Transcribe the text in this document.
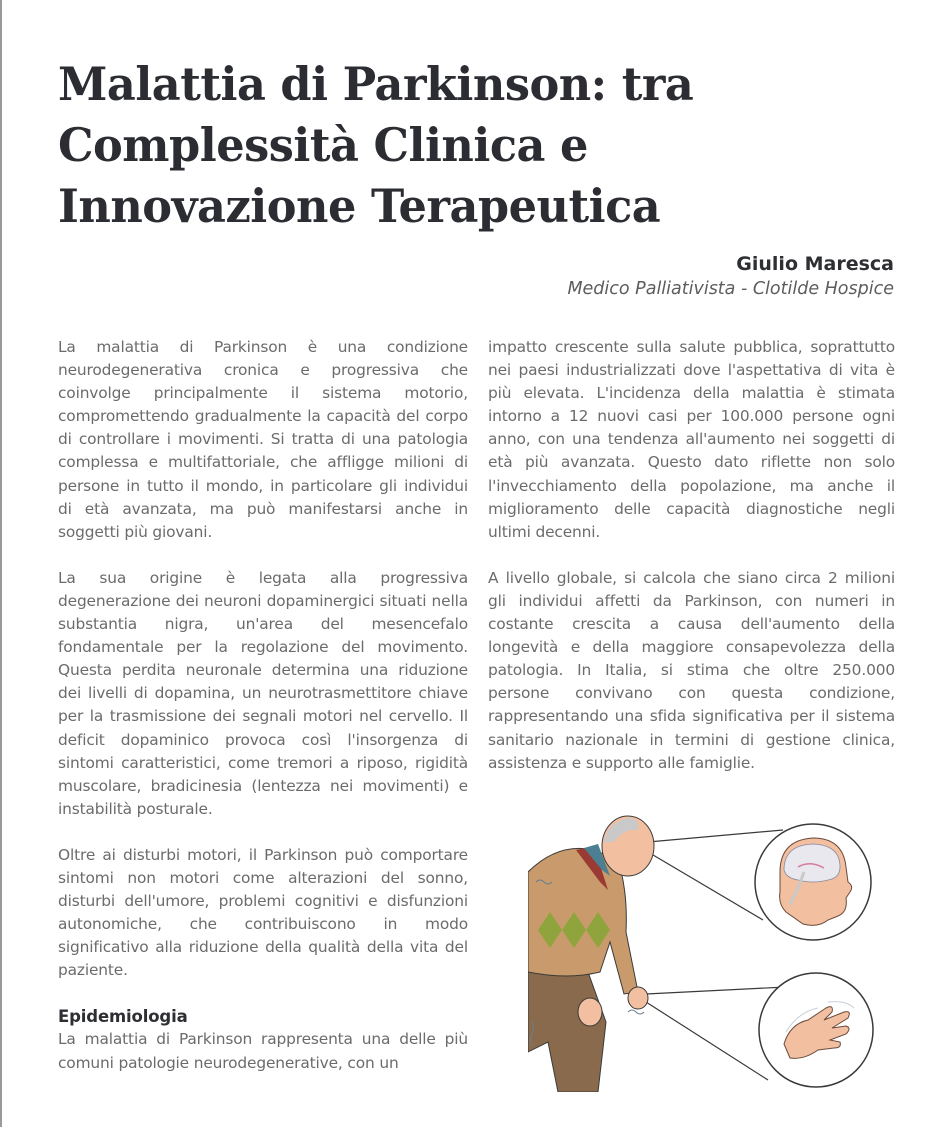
Malattia di Parkinson: tra Complessità Clinica e Innovazione Terapeutica
Giulio Maresca
Medico Palliativista - Clotilde Hospice

La malattia di Parkinson è una condizione neurodegenerativa cronica e progressiva che coinvolge principalmente il sistema motorio, compromettendo gradualmente la capacità del corpo di controllare i movimenti. Si tratta di una patologia complessa e multifattoriale, che affligge milioni di persone in tutto il mondo, in particolare gli individui di età avanzata, ma può manifestarsi anche in soggetti più giovani.

La sua origine è legata alla progressiva degenerazione dei neuroni dopaminergici situati nella substantia nigra, un'area del mesencefalo fondamentale per la regolazione del movimento. Questa perdita neuronale determina una riduzione dei livelli di dopamina, un neurotrasmettitore chiave per la trasmissione dei segnali motori nel cervello. Il deficit dopaminico provoca così l'insorgenza di sintomi caratteristici, come tremori a riposo, rigidità muscolare, bradicinesia (lentezza nei movimenti) e instabilità posturale.

Oltre ai disturbi motori, il Parkinson può comportare sintomi non motori come alterazioni del sonno, disturbi dell'umore, problemi cognitivi e disfunzioni autonomiche, che contribuiscono in modo significativo alla riduzione della qualità della vita del paziente.

Epidemiologia

La malattia di Parkinson rappresenta una delle più comuni patologie neurodegenerative, con un

impatto crescente sulla salute pubblica, soprattutto nei paesi industrializzati dove l'aspettativa di vita è più elevata. L'incidenza della malattia è stimata intorno a 12 nuovi casi per 100.000 persone ogni anno, con una tendenza all'aumento nei soggetti di età più avanzata. Questo dato riflette non solo l'invecchiamento della popolazione, ma anche il miglioramento delle capacità diagnostiche negli ultimi decenni.

A livello globale, si calcola che siano circa 2 milioni gli individui affetti da Parkinson, con numeri in costante crescita a causa dell'aumento della longevità e della maggiore consapevolezza della patologia. In Italia, si stima che oltre 250.000 persone convivano con questa condizione, rappresentando una sfida significativa per il sistema sanitario nazionale in termini di gestione clinica, assistenza e supporto alle famiglie.
